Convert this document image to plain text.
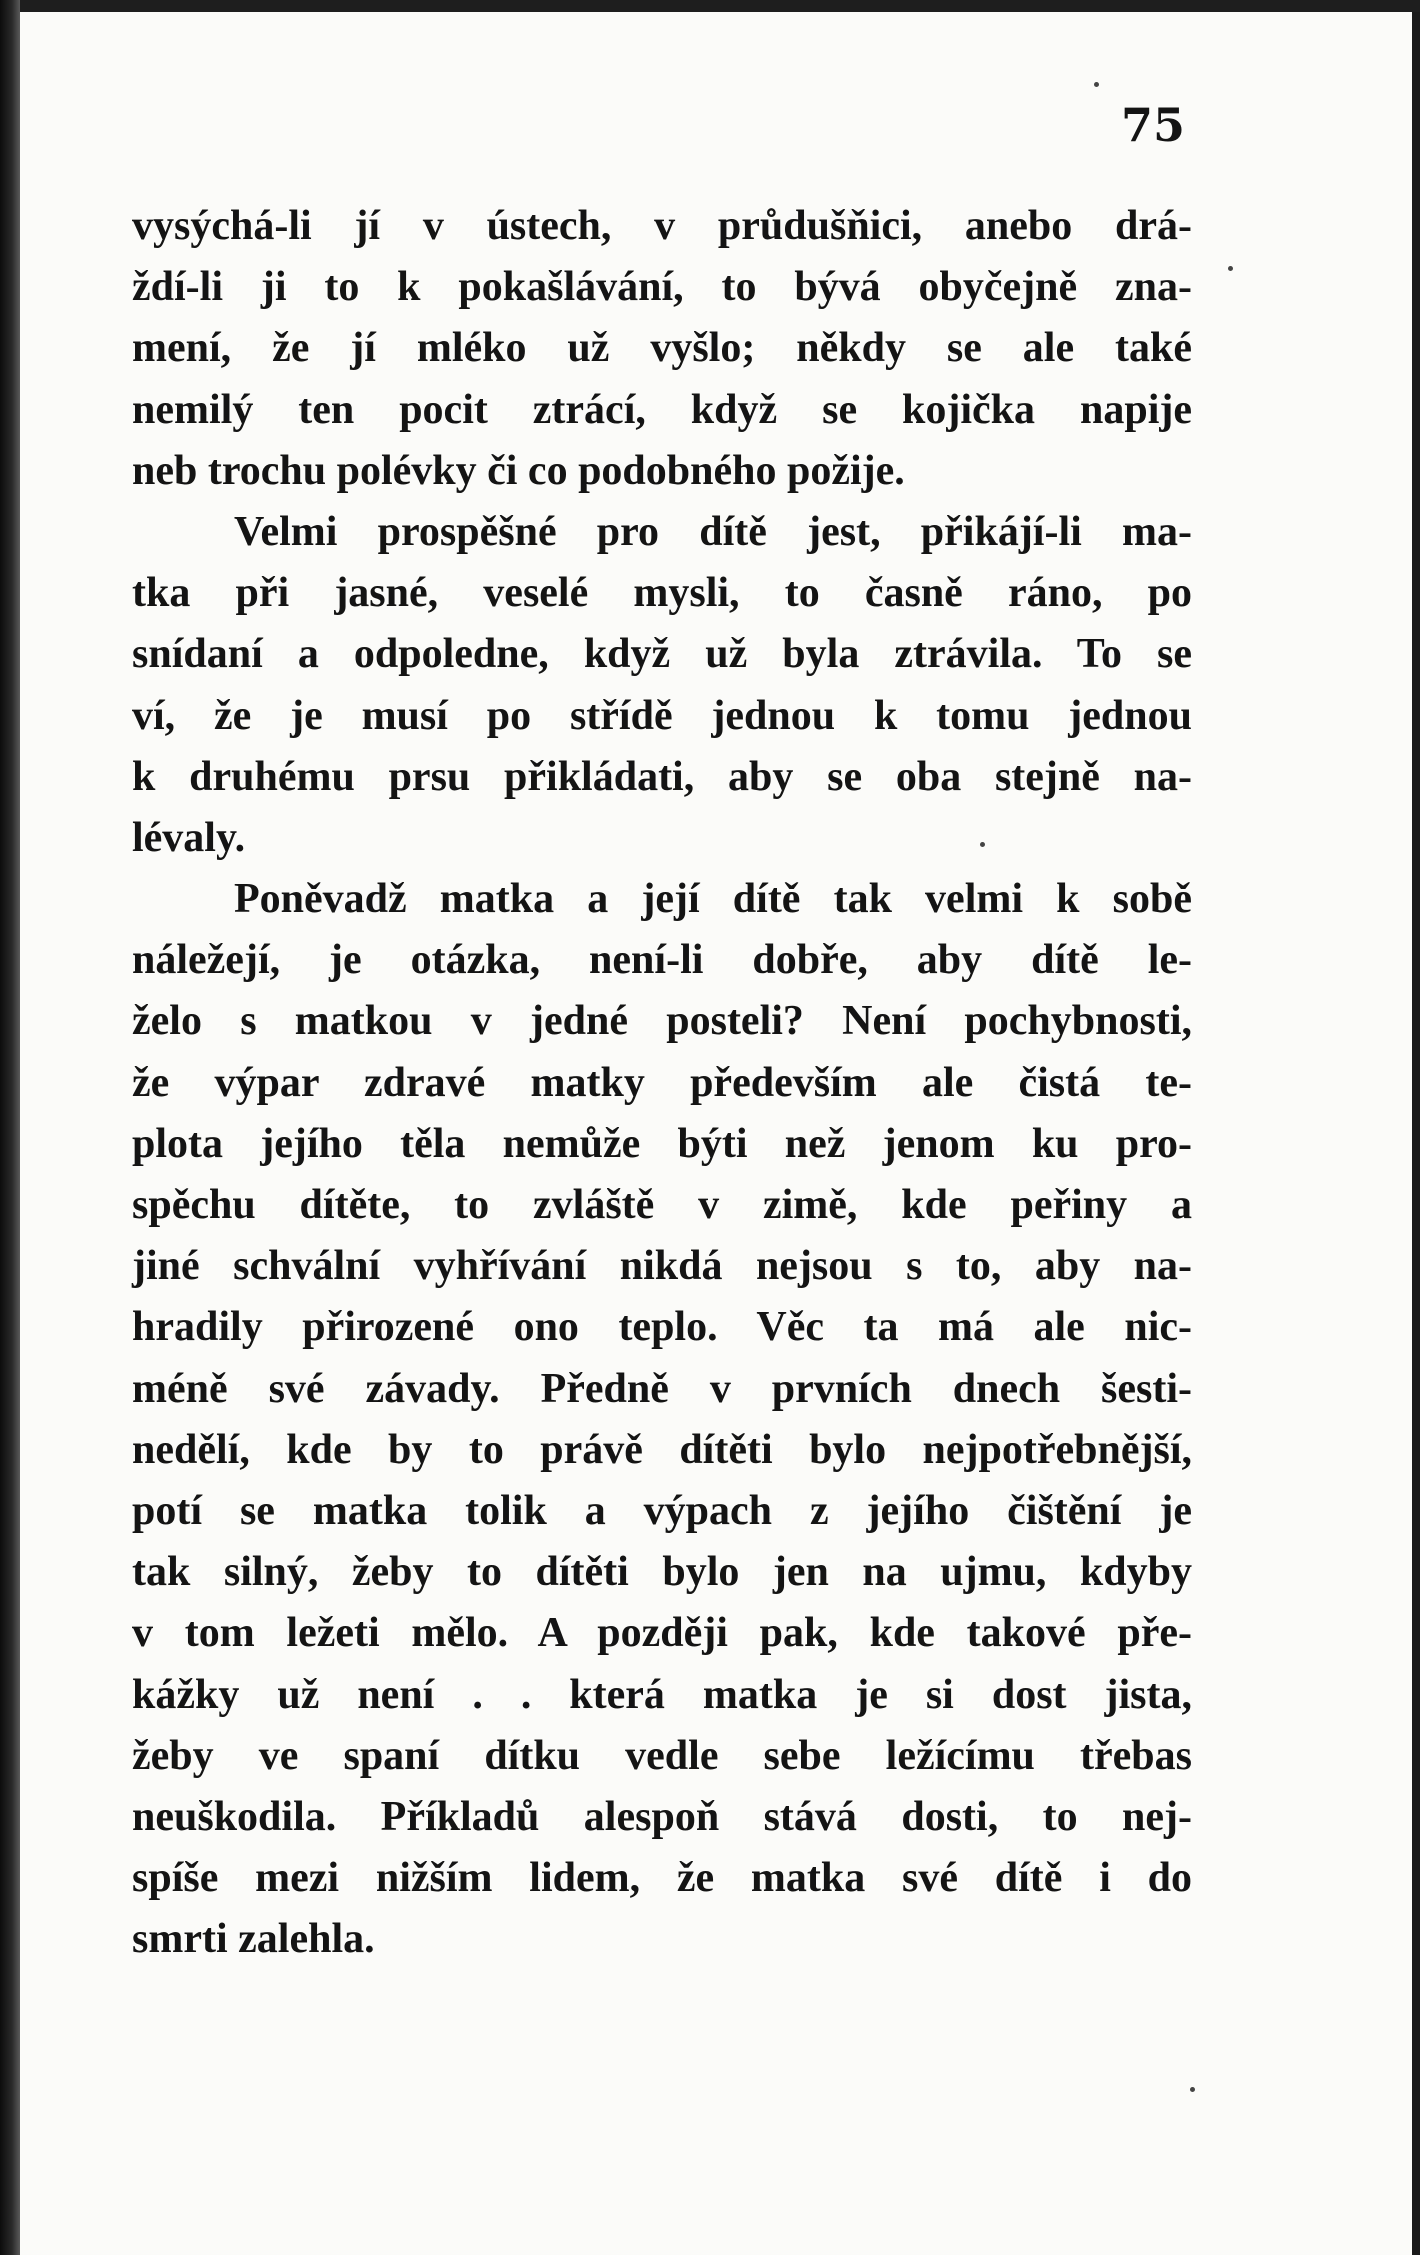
75
vysýchá-li jí v ústech, v průdušňici, anebo drá-
ždí-li ji to k pokašlávání, to bývá obyčejně zna-
mení, že jí mléko už vyšlo; někdy se ale také
nemilý ten pocit ztrácí, když se kojička napije
neb trochu polévky či co podobného požije.
Velmi prospěšné pro dítě jest, přikájí-li ma-
tka při jasné, veselé mysli, to časně ráno, po
snídaní a odpoledne, když už byla ztrávila. To se
ví, že je musí po střídě jednou k tomu jednou
k druhému prsu přikládati, aby se oba stejně na-
lévaly.
Poněvadž matka a její dítě tak velmi k sobě
náležejí, je otázka, není-li dobře, aby dítě le-
želo s matkou v jedné posteli? Není pochybnosti,
že výpar zdravé matky především ale čistá te-
plota jejího těla nemůže býti než jenom ku pro-
spěchu dítěte, to zvláště v zimě, kde peřiny a
jiné schvální vyhřívání nikdá nejsou s to, aby na-
hradily přirozené ono teplo. Věc ta má ale nic-
méně své závady. Předně v prvních dnech šesti-
nedělí, kde by to právě dítěti bylo nejpotřebnější,
potí se matka tolik a výpach z jejího čištění je
tak silný, žeby to dítěti bylo jen na ujmu, kdyby
v tom ležeti mělo. A později pak, kde takové pře-
kážky už není . . která matka je si dost jista,
žeby ve spaní dítku vedle sebe ležícímu třebas
neuškodila. Příkladů alespoň stává dosti, to nej-
spíše mezi nižším lidem, že matka své dítě i do
smrti zalehla.
